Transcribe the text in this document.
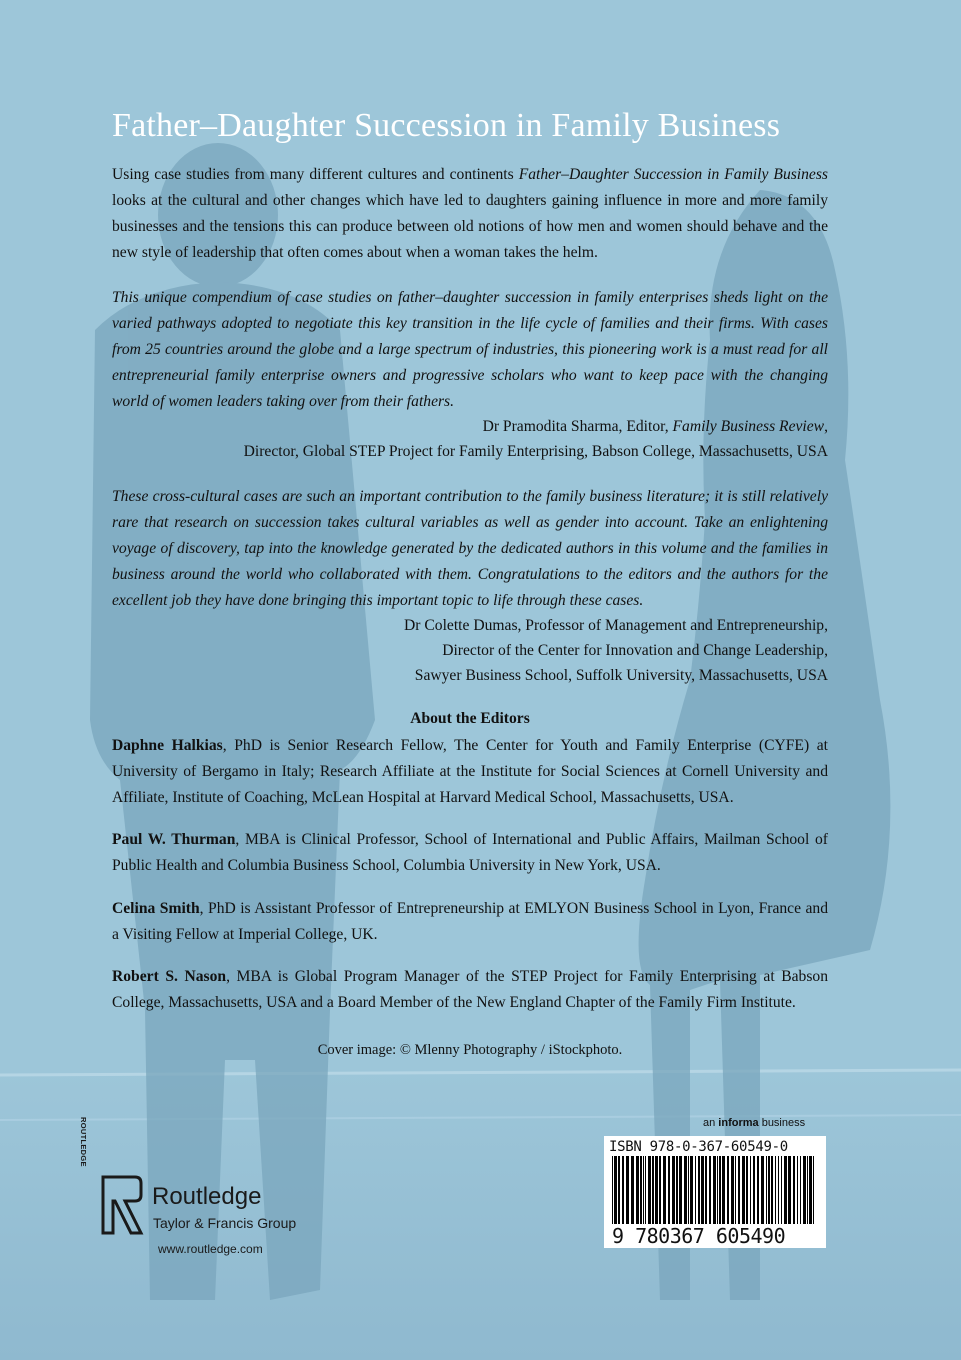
Father–Daughter Succession in Family Business

Using case studies from many different cultures and continents Father–Daughter Succession in Family Business looks at the cultural and other changes which have led to daughters gaining influence in more and more family businesses and the tensions this can produce between old notions of how men and women should behave and the new style of leadership that often comes about when a woman takes the helm.

This unique compendium of case studies on father–daughter succession in family enterprises sheds light on the varied pathways adopted to negotiate this key transition in the life cycle of families and their firms. With cases from 25 countries around the globe and a large spectrum of industries, this pioneering work is a must read for all entrepreneurial family enterprise owners and progressive scholars who want to keep pace with the changing world of women leaders taking over from their fathers.

Dr Pramodita Sharma, Editor, Family Business Review,

Director, Global STEP Project for Family Enterprising, Babson College, Massachusetts, USA

These cross-cultural cases are such an important contribution to the family business literature; it is still relatively rare that research on succession takes cultural variables as well as gender into account. Take an enlightening voyage of discovery, tap into the knowledge generated by the dedicated authors in this volume and the families in business around the world who collaborated with them. Congratulations to the editors and the authors for the excellent job they have done bringing this important topic to life through these cases.

Dr Colette Dumas, Professor of Management and Entrepreneurship,

Director of the Center for Innovation and Change Leadership,

Sawyer Business School, Suffolk University, Massachusetts, USA

About the Editors

Daphne Halkias, PhD is Senior Research Fellow, The Center for Youth and Family Enterprise (CYFE) at University of Bergamo in Italy; Research Affiliate at the Institute for Social Sciences at Cornell University and Affiliate, Institute of Coaching, McLean Hospital at Harvard Medical School, Massachusetts, USA.

Paul W. Thurman, MBA is Clinical Professor, School of International and Public Affairs, Mailman School of Public Health and Columbia Business School, Columbia University in New York, USA.

Celina Smith, PhD is Assistant Professor of Entrepreneurship at EMLYON Business School in Lyon, France and a Visiting Fellow at Imperial College, UK.

Robert S. Nason, MBA is Global Program Manager of the STEP Project for Family Enterprising at Babson College, Massachusetts, USA and a Board Member of the New England Chapter of the Family Firm Institute.

Cover image: © Mlenny Photography / iStockphoto.
an informa business
ISBN 978-0-367-60549-0
9 780367 605490
ROUTLEDGE
Routledge
Taylor & Francis Group
www.routledge.com
